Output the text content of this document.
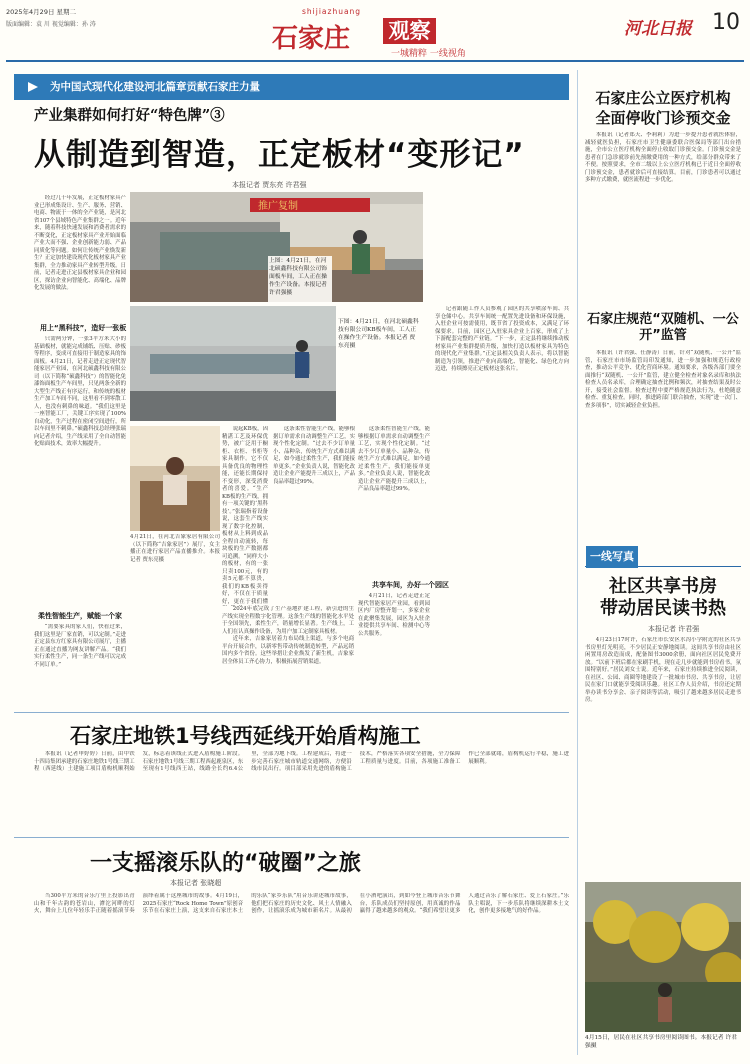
2025年4月29日 星期二
版面编辑：袁 川 视觉编辑：孙 涛
shijiazhuang
石家庄 观察
一城精粹 一线视角
河北日报 10
为中国式现代化建设河北篇章贡献石家庄力量
产业集群如何打好“特色牌”③
从制造到智造，正定板材“变形记”
本报记者 贾东亮 许君强

经过几十年发展，正定板材家具产业已形成集设计、生产、服务、营销、电商、物流于一体的全产业链，是河北省107个县域特色产业集群之一。近年来，随着科技快速发展和消费者需求的不断变化，正定板材家具产业开始面临产业大而不强、企业创新能力弱、产品同质化等问题。如何让传统产业焕发新生？正定加快建设现代化板材家具产业集群，全力推动家具产业转型升级。日前，记者走进正定县板材家具企业和园区，探访企业向智能化、高端化、品牌化发展的做法。

用上“黑科技”，造好一张板

只需两分钟，一张3平方米大小的基础板材，就能完成铺纸、压贴、砂板等程序，变成可直接用于制造家具的饰面板。4月21日，记者走进正定现代智能家居产业园，在河北硕鑫科技有限公司（以下简称“硕鑫科技”）的智能化免漆饰面板生产车间里，只见两条全新的大型生产线正有序运行，和传统的板材生产加工车间不同，这里看不到零散工人，也没有刺鼻的味道。“我们这里是一座智能工厂，关键工序实现了100%自动化，生产过程在密闭空间进行，所以车间里不刺鼻。”硕鑫科技总经理张瑞向记者介绍，生产线采用了全自动智能化贴面技术，效率大幅提升。

推广复制
上图：4月21日，在河北硕鑫科技有限公司饰面板车间，工人正在操作生产设备。本报记者 许君强摄
下图：4月21日，在河北硕鑫科技有限公司KB板车间，工人正在操作生产设备。本报记者 贾东亮摄

4月21日，在河北吉象家居有限公司（以下简称“吉象家居”）展厅，女主播正在进行家居产品直播推介。本报记者 贾东亮摄

柔性智能生产，赋能一个家

“需要家具的家人们，快看过来，我们这里是厂家直销，可以定制。”走进正定县东方红家具有限公司展厅，主播正在通过直播为网友讲解产品。“我们实行柔性生产，同一条生产线可以完成不同订单。”

说起KB板，因精湛工艺及环保优势，被广泛用于橱柜、衣柜、书柜等家具制作。它不仅具备优良的物理性能，还能长期保持不变形，深受消费者的喜爱。“生产KB板的生产线，拥有一项关键的‘黑科技’。”张瑞指着设备说，这套生产线实现了数字化控制，板材从上料到成品全程自动流转，每块板的生产数据都可追溯。“同样大小的板材，有的一张只卖100元，有的卖5元都不算贵，我们的KB板卖得好，不仅在于质量好，更在于我们懂

2024年底完成了生产基地扩建工程，新引进的生产线实现全程数字化管理。这条生产线的智能化水平处于全国领先，柔性生产，销量增长显著。生产线上，工人们在认真操作设备，为用户加工定制家具板材。

近年来，吉象家居着力布局线上渠道，与多个电商平台开展合作，以新零售带动传统制造转型，产品远销国内多个省份。这些举措让企业焕发了新生机，吉象家居全体员工齐心协力，积极拓展营销渠道。

这条柔性智能生产线，能够根据订单需求自动调整生产工艺，实现个性化定制。“过去不少订单量小、品种杂，传统生产方式难以满足，如今通过柔性生产，我们能接单更多。”企业负责人说，智能化改造让企业产能提升三成以上，产品良品率超过99%。

这条柔性智能生产线，能够根据订单需求自动调整生产工艺，实现个性化定制。“过去不少订单量小、品种杂，传统生产方式难以满足，如今通过柔性生产，我们能接单更多。”企业负责人说，智能化改造让企业产能提升三成以上，产品良品率超过99%。

共享车间，办好一个园区

4月21日，记者走进正定现代智能家居产业园，看到园区内厂房整齐划一，多家企业在此聚集发展，园区为入驻企业提供共享车间、检测中心等公共服务。

记者跟随工作人员参观了园区的共享喷涂车间、共享仓储中心。共享车间统一配置先进设备和环保设施，入驻企业可按需使用，既节省了投资成本，又满足了环保要求。目前，园区已入驻家具企业上百家，形成了上下游配套完整的产业链。“下一步，正定县将继续推动板材家具产业集群提质升级，加快打造以板材家具为特色的现代化产业集群。”正定县相关负责人表示，将以智能制造为引领，推进产业向高端化、智能化、绿色化方向迈进，持续擦亮正定板材这张名片。

石家庄地铁1号线西延线开始盾构施工

本报讯（记者申婷婷）日前，由中铁十四局集团承建的石家庄地铁1号线三期工程（西延线）土建施工项目盾构机顺利始发，标志着该线正式进入盾构施工阶段。石家庄地铁1号线三期工程西起鹿泉区，东至现有1号线西王站，线路全长约6.4公里，全部为地下线。工程建成后，将进一步完善石家庄城市轨道交通网络，方便沿线市民出行。项目部采用先进的盾构施工技术，严格落实各项安全措施，全力保障工程质量与进度。目前，各项施工准备工作已全部就绪，盾构机运行平稳，施工进展顺利。

一支摇滚乐队的“破圈”之旅
本报记者 张晓超

当300平方米的音乐厅里上投影出青山和千年古韵的苍岩山，滹沱河畔的灯火，舞台上几位年轻乐手正随着摇滚节奏演绎着属于这座城市的故事。4月19日，2025石家庄“Rock Home Town”原创音乐节在石家庄上演，这支来自石家庄本土的乐队“家乡乐队”用音乐讲述城市故事，他们把石家庄的历史文化、风土人情融入创作，让摇滚乐成为城市新名片。从最初在小酒吧演出，到如今登上城市音乐节舞台，乐队成员们坚持原创，用真诚的作品赢得了越来越多的观众。“我们希望让更多人通过音乐了解石家庄、爱上石家庄。”乐队主唱说，下一步乐队将继续深耕本土文化，创作更多接地气的好作品。

石家庄公立医疗机构
全面停收门诊预交金

本报讯（记者郑天、李莉莉）为进一步提升患者就医体验，减轻就医负担，石家庄市卫生健康委联合医保局等部门出台措施，全市公立医疗机构全面停止收取门诊预交金。门诊预交金是患者在门急诊就诊前先预缴费用的一种方式，给部分群众带来了不便。按照要求，全市二级以上公立医疗机构已于近日全面停收门诊预交金，患者就诊后可直接结算。目前，门诊患者可以通过多种方式缴费，就医流程进一步优化。

石家庄规范“双随机、一公开”监管

本报讯（许君强、任静涛）日前，针对“双随机、一公开”监管，石家庄市市场监管局印发通知，进一步加强和规范行政检查，推动公平竞争、优化营商环境。通知要求，各级各部门要全面推行“双随机、一公开”监管，建立健全检查对象名录库和执法检查人员名录库，合理确定抽查比例和频次，对抽查结果及时公开，接受社会监督。检查过程中要严格规范执法行为，杜绝随意检查、重复检查。同时，推进跨部门联合抽查，实现“进一次门、查多项事”，切实减轻企业负担。

一线写真
社区共享书房
带动居民读书热
本报记者 许君强

4月23日17时许，石家庄市长安区水沟小学附近的社区共享书房里灯光明亮，不少居民正安静地阅读。这间共享书房由社区闲置用房改造而成，配备图书3000余册，面向社区居民免费开放。“以前下班后都在家刷手机，现在走几步就能到书房看书，氛围特别好。”居民刘女士说。近年来，石家庄持续推进全民阅读，在社区、公园、商圈等地建设了一批城市书房、共享书房，让居民在家门口就能享受阅读乐趣。社区工作人员介绍，书房还定期举办读书分享会、亲子阅读等活动，吸引了越来越多居民走进书房。

4月15日，居民在社区共享书房里阅读图书。本报记者 许君强摄
